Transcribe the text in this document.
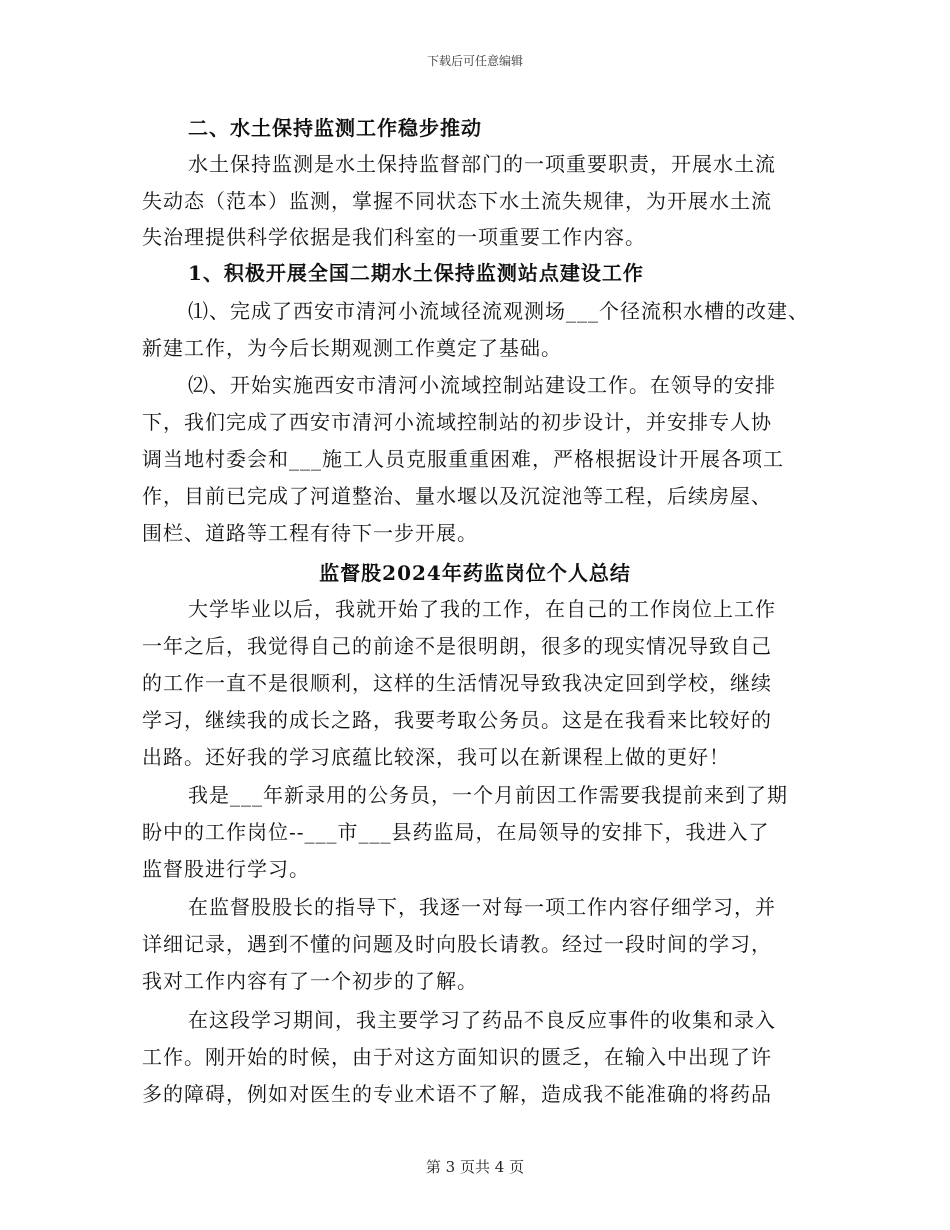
下载后可任意编辑
二、水土保持监测工作稳步推动
水土保持监测是水土保持监督部门的一项重要职责，开展水土流
失动态（范本）监测，掌握不同状态下水土流失规律，为开展水土流
失治理提供科学依据是我们科室的一项重要工作内容。
1、积极开展全国二期水土保持监测站点建设工作
⑴、完成了西安市清河小流域径流观测场___个径流积水槽的改建、
新建工作，为今后长期观测工作奠定了基础。
⑵、开始实施西安市清河小流域控制站建设工作。在领导的安排
下，我们完成了西安市清河小流域控制站的初步设计，并安排专人协
调当地村委会和___施工人员克服重重困难，严格根据设计开展各项工
作，目前已完成了河道整治、量水堰以及沉淀池等工程，后续房屋、
围栏、道路等工程有待下一步开展。
监督股2024年药监岗位个人总结
大学毕业以后，我就开始了我的工作，在自己的工作岗位上工作
一年之后，我觉得自己的前途不是很明朗，很多的现实情况导致自己
的工作一直不是很顺利，这样的生活情况导致我决定回到学校，继续
学习，继续我的成长之路，我要考取公务员。这是在我看来比较好的
出路。还好我的学习底蕴比较深，我可以在新课程上做的更好！
我是___年新录用的公务员，一个月前因工作需要我提前来到了期
盼中的工作岗位--___市___县药监局，在局领导的安排下，我进入了
监督股进行学习。
在监督股股长的指导下，我逐一对每一项工作内容仔细学习，并
详细记录，遇到不懂的问题及时向股长请教。经过一段时间的学习，
我对工作内容有了一个初步的了解。
在这段学习期间，我主要学习了药品不良反应事件的收集和录入
工作。刚开始的时候，由于对这方面知识的匮乏，在输入中出现了许
多的障碍，例如对医生的专业术语不了解，造成我不能准确的将药品
第 3 页共 4 页
